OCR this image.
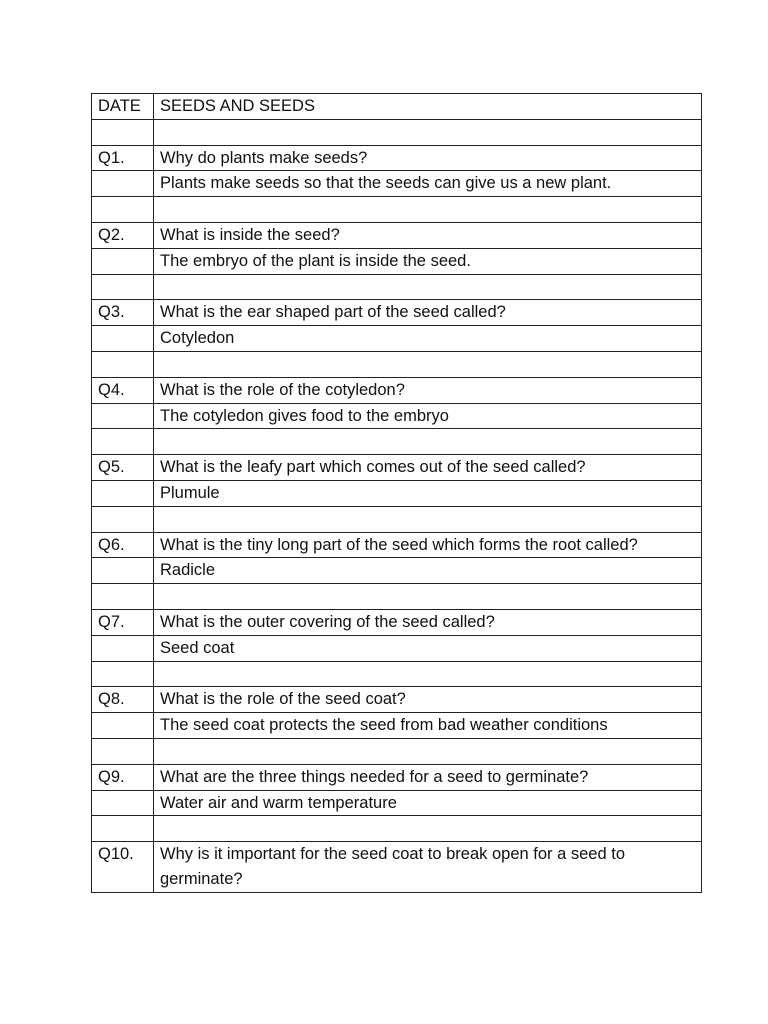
DATE	SEEDS AND SEEDS

Q1.	Why do plants make seeds?
	Plants make seeds so that the seeds can give us a new plant.

Q2.	What is inside the seed?
	The embryo of the plant is inside the seed.

Q3.	What is the ear shaped part of the seed called?
	Cotyledon

Q4.	What is the role of the cotyledon?
	The cotyledon gives food to the embryo

Q5.	What is the leafy part which comes out of the seed called?
	Plumule

Q6.	What is the tiny long part of the seed which forms the root called?
	Radicle

Q7.	What is the outer covering of the seed called?
	Seed coat

Q8.	What is the role of the seed coat?
	The seed coat protects the seed from bad weather conditions

Q9.	What are the three things needed for a seed to germinate?
	Water air and warm temperature

Q10.	Why is it important for the seed coat to break open for a seed to germinate?
